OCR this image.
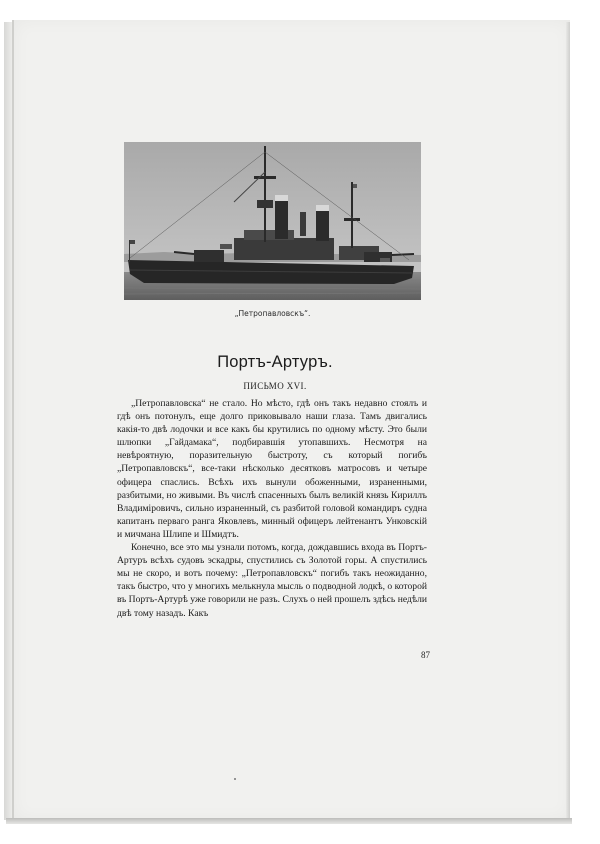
„Петропавловскъ“.
Портъ-Артуръ.
ПИСЬМО XVI.

„Петропавловска“ не стало. Но мѣсто, гдѣ онъ такъ недавно стоялъ и гдѣ онъ потонулъ, еще долго приковывало наши глаза. Тамъ двигались какія-то двѣ лодочки и все какъ бы крутились по одному мѣсту. Это были шлюпки „Гайдамака“, подбиравшія утопавшихъ. Несмотря на невѣроятную, поразительную быстроту, съ который погибъ „Петропавловскъ“, все-таки нѣсколько десятковъ матросовъ и четыре офицера спаслись. Всѣхъ ихъ вынули обоженными, израненными, разбитыми, но живыми. Въ числѣ спасенныхъ былъ великій князь Кириллъ Владиміровичъ, сильно израненный, съ разбитой головой командиръ судна капитанъ перваго ранга Яковлевъ, минный офицеръ лейтенантъ Унковскій и мичмана Шлипе и Шмидтъ.

Конечно, все это мы узнали потомъ, когда, дождавшись входа въ Портъ-Артуръ всѣхъ судовъ эскадры, спустились съ Золотой горы. А спустились мы не скоро, и вотъ почему: „Петропавловскъ“ погибъ такъ неожиданно, такъ быстро, что у многихъ мелькнула мысль о подводной лодкѣ, о которой въ Портъ-Артурѣ уже говорили не разъ. Слухъ о ней прошелъ здѣсь недѣли двѣ тому назадъ. Какъ

87
